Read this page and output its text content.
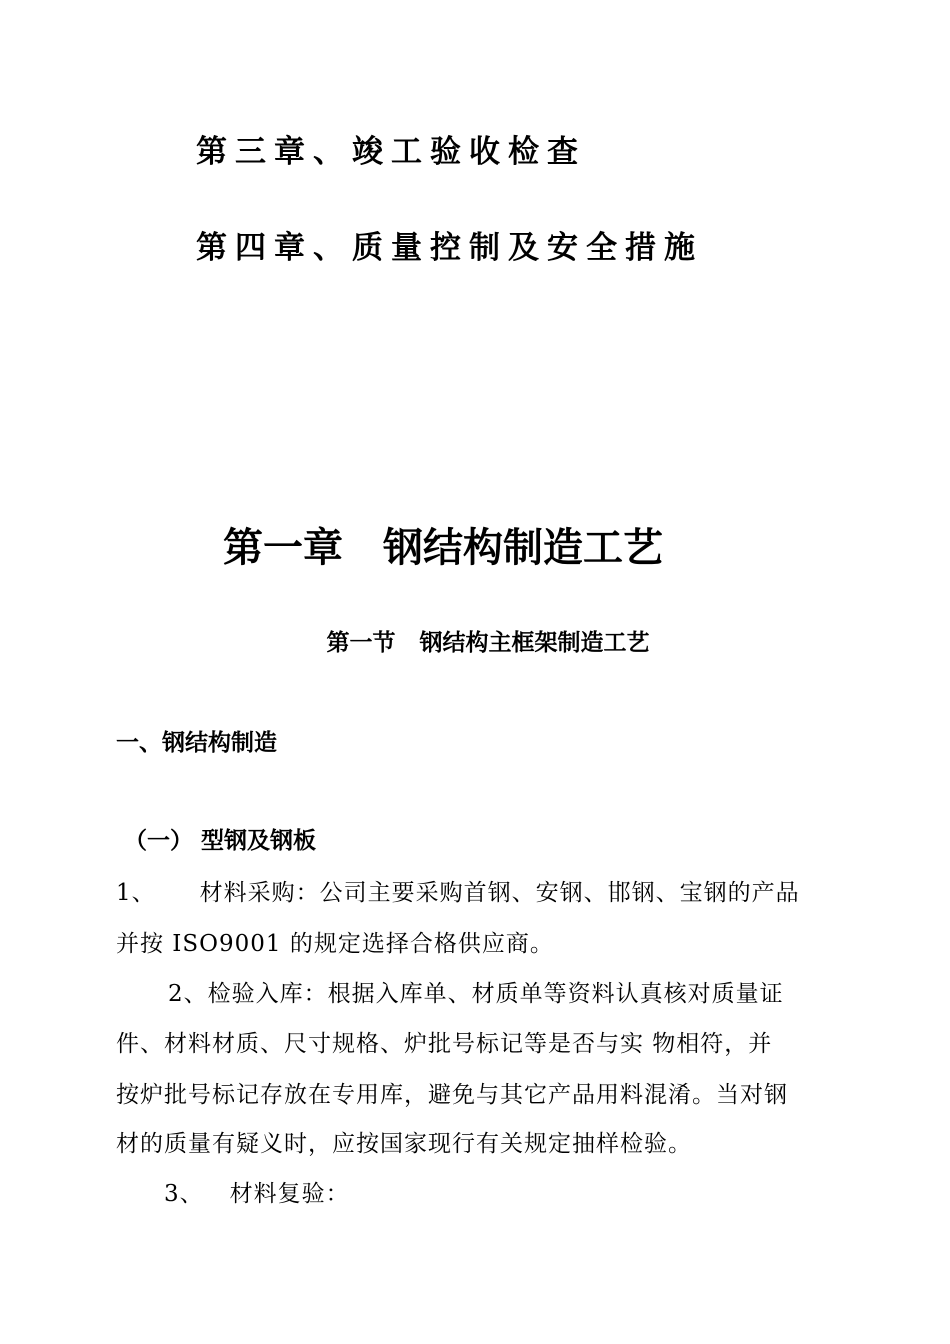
第三章、竣工验收检查
第四章、质量控制及安全措施
第一章 钢结构制造工艺
第一节 钢结构主框架制造工艺
一、钢结构制造
（一） 型钢及钢板
1、 材料采购：公司主要采购首钢、安钢、邯钢、宝钢的产品
并按 ISO9001 的规定选择合格供应商。
2、检验入库：根据入库单、材质单等资料认真核对质量证
件、材料材质、尺寸规格、炉批号标记等是否与实 物相符，并
按炉批号标记存放在专用库，避免与其它产品用料混淆。当对钢
材的质量有疑义时，应按国家现行有关规定抽样检验。
3、 材料复验：
